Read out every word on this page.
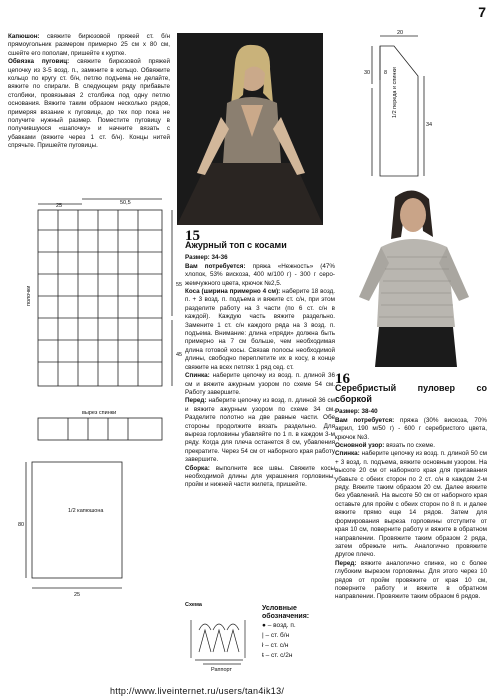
7

Капюшон: свяжите бирюзовой пряжей ст. б/н прямоугольник размером примерно 25 см х 80 см, сшейте его пополам, пришейте к куртке.

Обвязка пуговиц: свяжите бирюзовой пряжей цепочку из 3-5 возд. п., замкните в кольцо. Обвяжите кольцо по кругу ст. б/н, петлю подъема не делайте, вяжите по спирали. В следующем ряду прибавьте столбики, провязывая 2 столбика под одну петлю основания. Вяжите таким образом несколько рядов, примеряя вязание к пуговице, до тех пор пока не получите нужный размер. Поместите пуговицу в получившуюся «шапочку» и начните вязать с убавками (вяжите через 1 ст. б/н). Концы нитей спрячьте. Пришейте пуговицы.

25	50,5
полочки
55
45
вырез спинки
1/2 капюшона
80
25
20
8
30
34
1/2 переда и спинки
15
Ажурный топ с косами

Размер: 34-36

Вам потребуется: пряжа «Нежность» (47% хлопок, 53% вискоза, 400 м/100 г) - 300 г серо-жемчужного цвета, крючок №2,5.

Коса (ширина примерно 4 см): наберите 18 возд. п. + 3 возд. п. подъема и вяжите ст. с/н, при этом разделите работу на 3 части (по 6 ст. с/н в каждой). Каждую часть вяжите раздельно. Замените 1 ст. с/н каждого ряда на 3 возд. п. подъема. Внимание: длина «пряди» должна быть примерно на 7 см больше, чем необходимая длина готовой косы. Связав полосы необходимой длины, свободно переплетите их в косу, в конце свяжите на всех петлях 1 ряд сед. ст.

Спинка: наберите цепочку из возд. п. длиной 36 см и вяжите ажурным узором по схеме 54 см. Работу завершите.

Перед: наберите цепочку из возд. п. длиной 36 см и вяжите ажурным узором по схеме 34 см. Разделите полотно на две равные части. Обе стороны продолжите вязать раздельно. Для выреза горловины убавляйте по 1 п. в каждом 3-м ряду. Когда для плеча останется 8 см, убавления прекратите. Через 54 см от наборного края работу завершите.

Сборка: выполните все швы. Свяжите косы необходимой длины для украшения горловины, пройм и нижней части жилета, пришейте.

Схема
Раппорт
Условные обозначения:
● – возд. п.
| – ст. б/н
ł – ст. с/н
ŧ – ст. с/2н
16
Серебристый пуловер со сборкой

Размер: 38-40

Вам потребуется: пряжа (30% вискоза, 70% акрил, 190 м/50 г) - 600 г серебристого цвета, крючок №3.

Основной узор: вязать по схеме.

Спинка: наберите цепочку из возд. п. длиной 50 см + 3 возд. п. подъема, вяжите основным узором. На высоте 20 см от наборного края для пригавания убавьте с обеих сторон по 2 ст. с/н в каждом 2-м ряду. Вяжите таким образом 20 см. Далее вяжите без убавлений. На высоте 50 см от наборного края оставьте для пройм с обеих сторон по 8 п. и далее вяжите прямо еще 14 рядов. Затем для формирования выреза горловины отступите от края 10 см, поверните работу и вяжите в обратном направлении. Провяжите таким образом 2 ряда, затем обрежьте нить. Аналогично провяжите другое плечо.

Перед: вяжите аналогично спинке, но с более глубоким вырезом горловины. Для этого через 10 рядов от пройм провяжите от края 10 см, поверните работу и вяжите в обратном направлении. Провяжите таким образом 6 рядов.

http://www.liveinternet.ru/users/tan4ik13/
